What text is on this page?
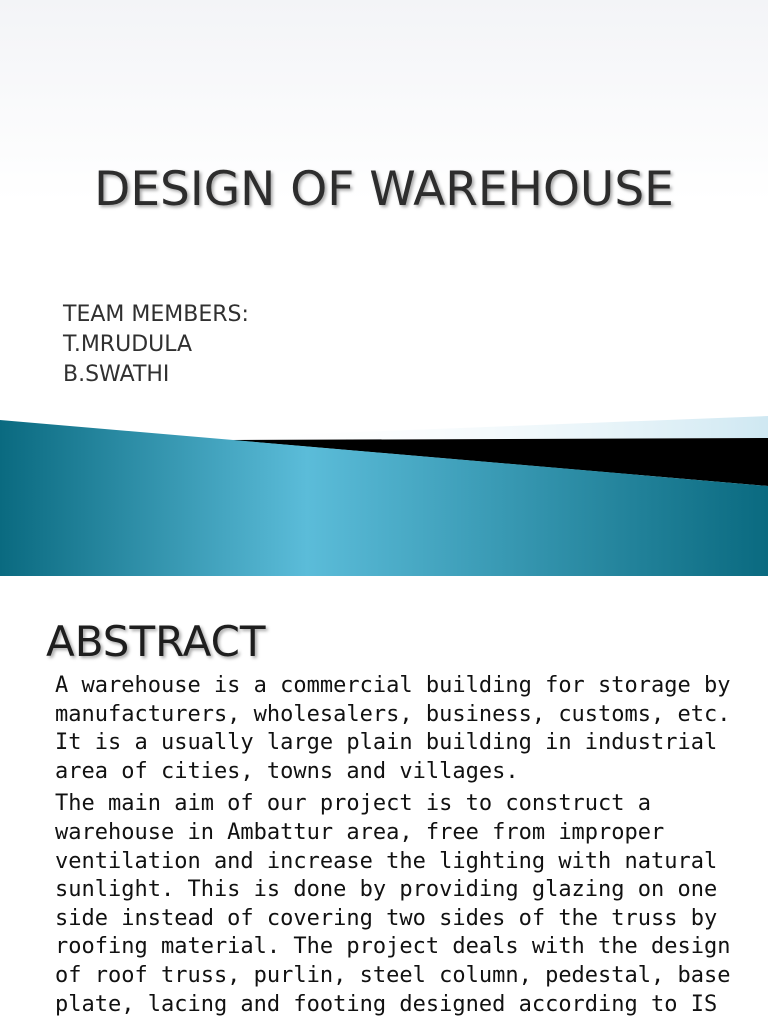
DESIGN OF WAREHOUSE
TEAM MEMBERS:
T.MRUDULA
B.SWATHI
ABSTRACT

A warehouse is a commercial building for storage by manufacturers, wholesalers, business, customs, etc. It is a usually large plain building in industrial area of cities, towns and villages.

The main aim of our project is to construct a warehouse in Ambattur area, free from improper ventilation and increase the lighting with natural sunlight. This is done by providing glazing on one side instead of covering two sides of the truss by roofing material. The project deals with the design of roof truss, purlin, steel column, pedestal, base plate, lacing and footing designed according to IS
